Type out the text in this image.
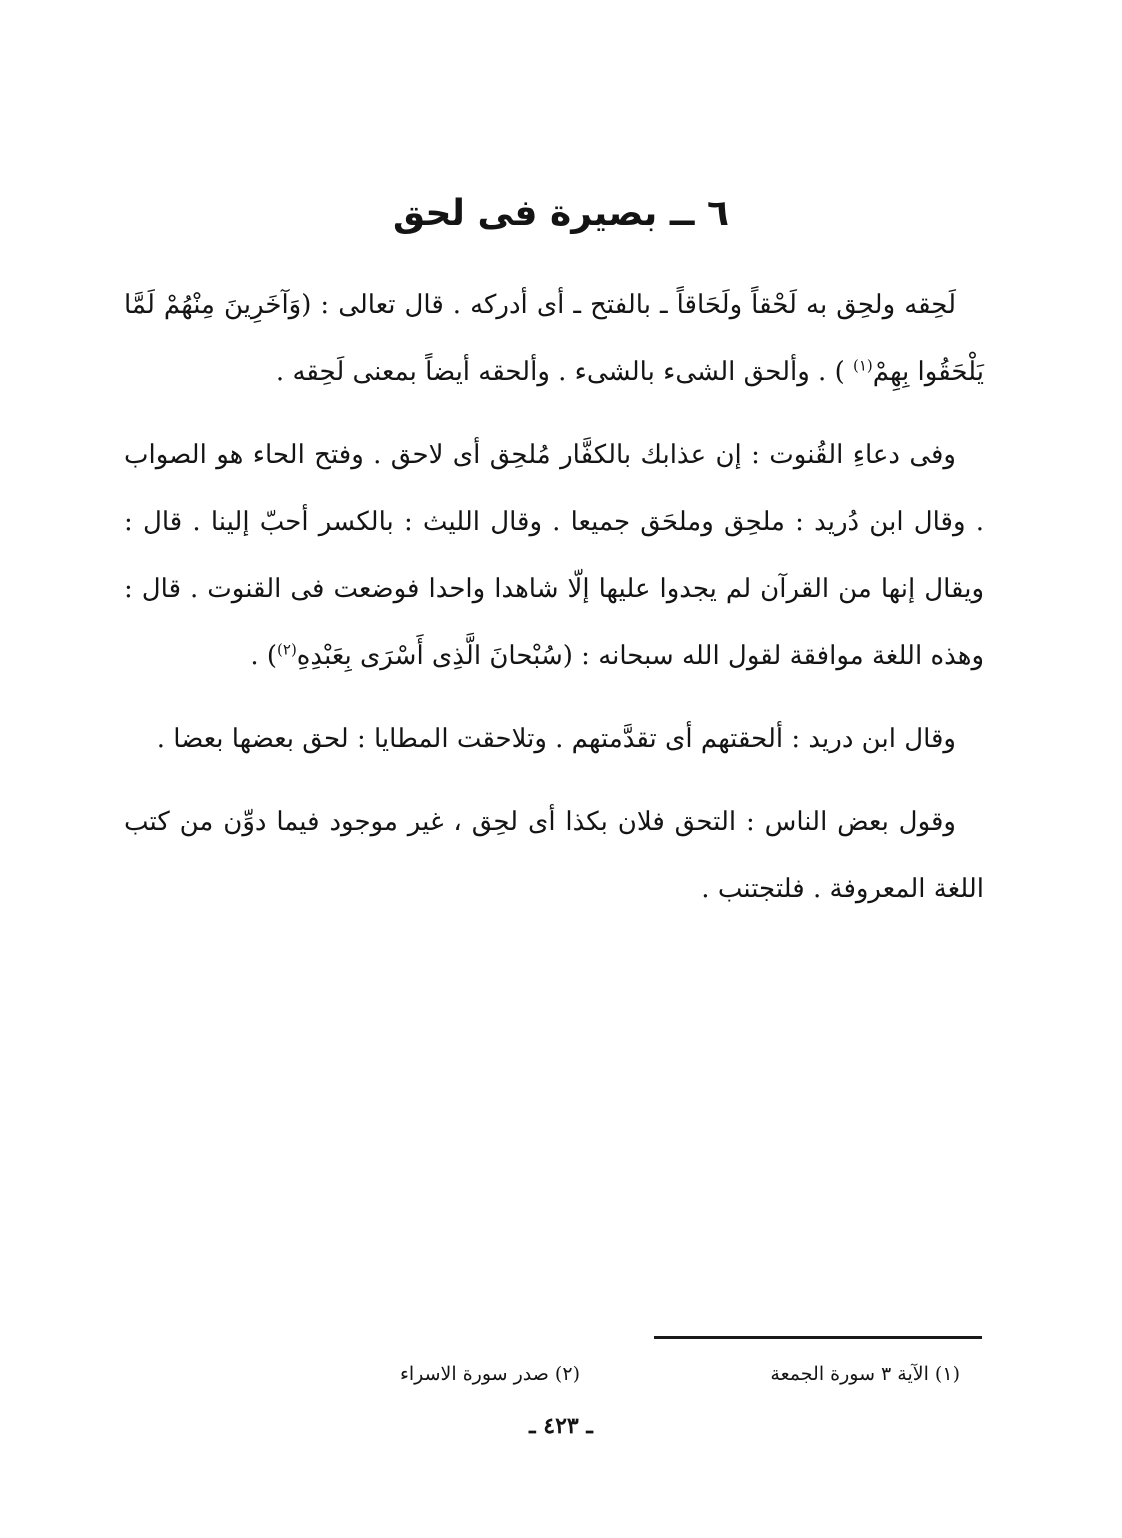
٦ ــ بصيرة فى لحق

لَحِقه ولحِق به لَحْقاً ولَحَاقاً ـ بالفتح ـ أى أدركه . قال تعالى : (وَآخَرِينَ مِنْهُمْ لَمَّا يَلْحَقُوا بِهِمْ$^{(١)}$ ) . وألحق الشىء بالشىء . وألحقه أيضاً بمعنى لَحِقه .

وفى دعاءِ القُنوت : إن عذابك بالكفَّار مُلحِق أى لاحق . وفتح الحاء هو الصواب . وقال ابن دُريد : ملحِق وملحَق جميعا . وقال الليث : بالكسر أحبّ إلينا . قال : ويقال إنها من القرآن لم يجدوا عليها إلّا شاهدا واحدا فوضعت فى القنوت . قال : وهذه اللغة موافقة لقول الله سبحانه : (سُبْحانَ الَّذِى أَسْرَى بِعَبْدِهِ$^{(٢)}$) .

وقال ابن دريد : ألحقتهم أى تقدَّمتهم . وتلاحقت المطايا : لحق بعضها بعضا .

وقول بعض الناس : التحق فلان بكذا أى لحِق ، غير موجود فيما دوِّن من كتب اللغة المعروفة . فلتجتنب .

(١) الآية ٣ سورة الجمعة
(٢) صدر سورة الاسراء
ـ ٤٢٣ ـ
